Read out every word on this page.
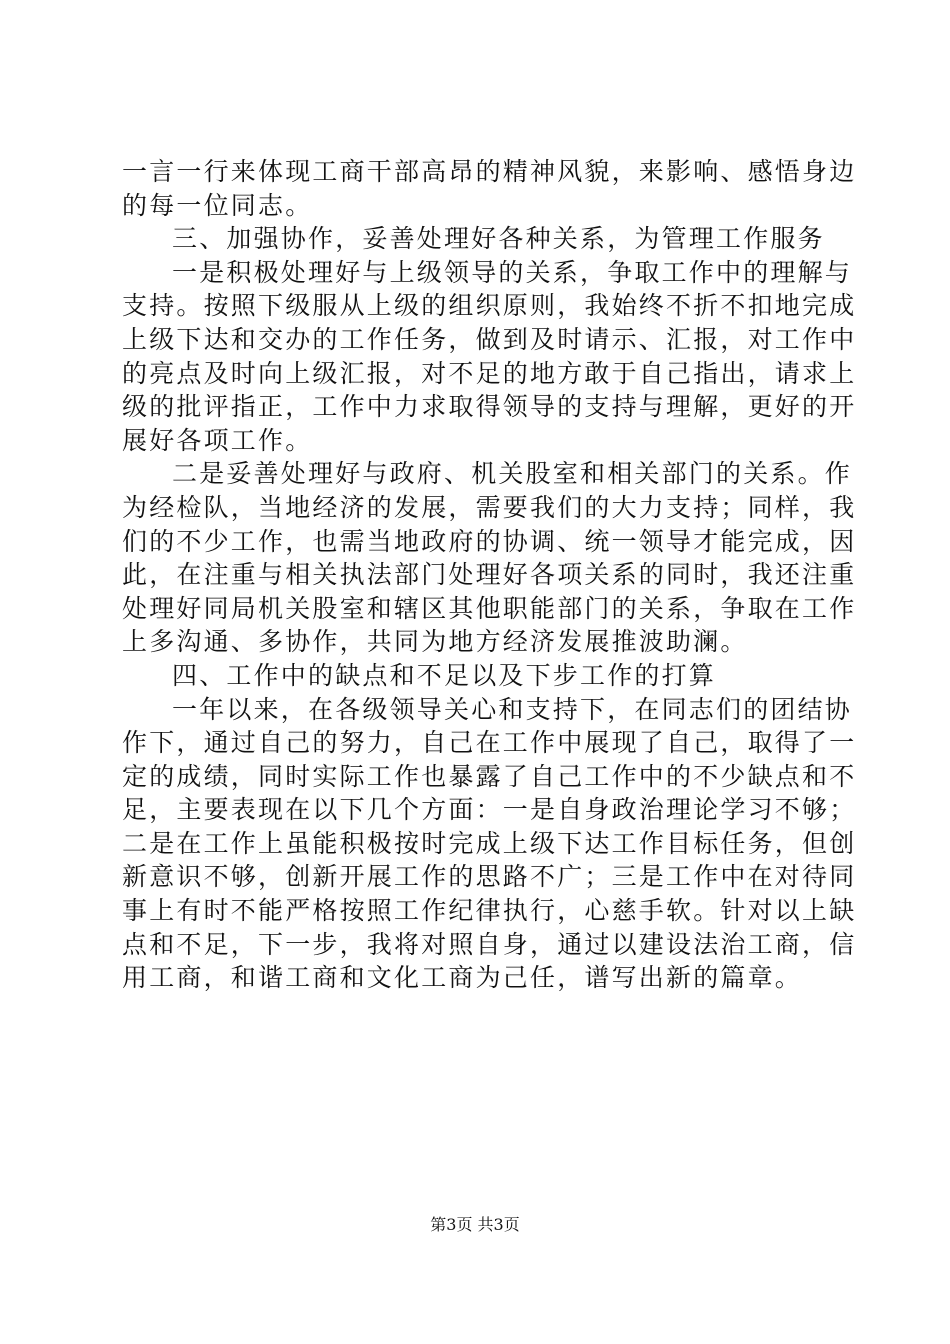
一言一行来体现工商干部高昂的精神风貌，来影响、感悟身边
的每一位同志。
三、加强协作，妥善处理好各种关系，为管理工作服务
一是积极处理好与上级领导的关系，争取工作中的理解与
支持。按照下级服从上级的组织原则，我始终不折不扣地完成
上级下达和交办的工作任务，做到及时请示、汇报，对工作中
的亮点及时向上级汇报，对不足的地方敢于自己指出，请求上
级的批评指正，工作中力求取得领导的支持与理解，更好的开
展好各项工作。
二是妥善处理好与政府、机关股室和相关部门的关系。作
为经检队，当地经济的发展，需要我们的大力支持；同样，我
们的不少工作，也需当地政府的协调、统一领导才能完成，因
此，在注重与相关执法部门处理好各项关系的同时，我还注重
处理好同局机关股室和辖区其他职能部门的关系，争取在工作
上多沟通、多协作，共同为地方经济发展推波助澜。
四、工作中的缺点和不足以及下步工作的打算
一年以来，在各级领导关心和支持下，在同志们的团结协
作下，通过自己的努力，自己在工作中展现了自己，取得了一
定的成绩，同时实际工作也暴露了自己工作中的不少缺点和不
足，主要表现在以下几个方面：一是自身政治理论学习不够；
二是在工作上虽能积极按时完成上级下达工作目标任务，但创
新意识不够，创新开展工作的思路不广；三是工作中在对待同
事上有时不能严格按照工作纪律执行，心慈手软。针对以上缺
点和不足，下一步，我将对照自身，通过以建设法治工商，信
用工商，和谐工商和文化工商为己任，谱写出新的篇章。
第3页 共3页
